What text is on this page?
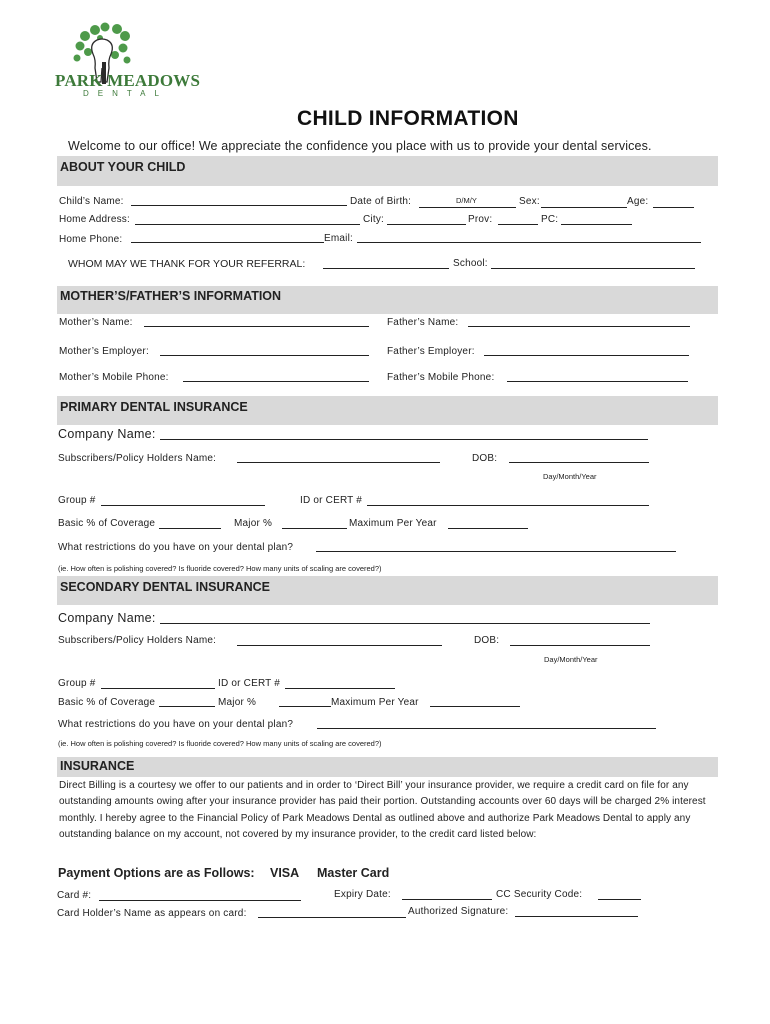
PARK MEADOWS
DENTAL
CHILD INFORMATION
Welcome to our office! We appreciate the confidence you place with us to provide your dental services.
ABOUT YOUR CHILD
Child’s Name:	Date of Birth:	D/M/Y	Sex:	Age:
Home Address:	City:	Prov:	PC:
Home Phone:	Email:
WHOM MAY WE THANK FOR YOUR REFERRAL:	School:
MOTHER’S/FATHER’S INFORMATION
Mother’s Name:	Father’s Name:
Mother’s Employer:	Father’s Employer:
Mother’s Mobile Phone:	Father’s Mobile Phone:
PRIMARY DENTAL INSURANCE
Company Name:
Subscribers/Policy Holders Name:	DOB:
Day/Month/Year
Group #	ID or CERT #
Basic % of Coverage	Major %	Maximum Per Year
What restrictions do you have on your dental plan?
(ie. How often is polishing covered? Is fluoride covered? How many units of scaling are covered?)
SECONDARY DENTAL INSURANCE
Company Name:
Subscribers/Policy Holders Name:	DOB:
Day/Month/Year
Group #	ID or CERT #
Basic % of Coverage	Major %	Maximum Per Year
What restrictions do you have on your dental plan?
(ie. How often is polishing covered? Is fluoride covered? How many units of scaling are covered?)
INSURANCE
Direct Billing is a courtesy we offer to our patients and in order to ‘Direct Bill’ your insurance provider, we require a credit card on file for any outstanding amounts owing after your insurance provider has paid their portion. Outstanding accounts over 60 days will be charged 2% interest monthly. I hereby agree to the Financial Policy of Park Meadows Dental as outlined above and authorize Park Meadows Dental to apply any outstanding balance on my account, not covered by my insurance provider, to the credit card listed below:
Payment Options are as Follows: VISA Master Card
Card #:	Expiry Date:	CC Security Code:
Card Holder’s Name as appears on card:	Authorized Signature:
